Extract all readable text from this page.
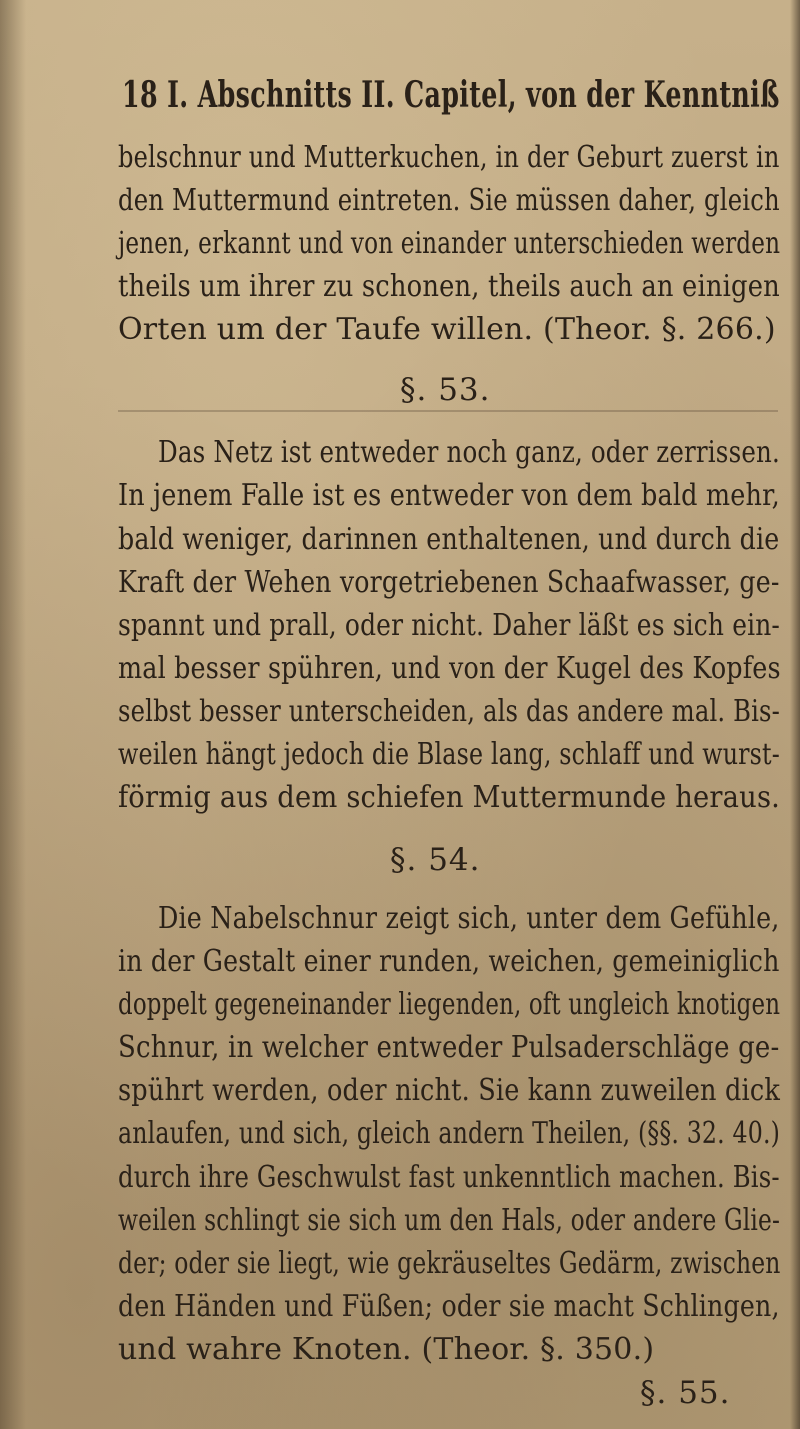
18 I. Abschnitts II. Capitel, von der Kenntniß
belschnur und Mutterkuchen, in der Geburt zuerst in
den Muttermund eintreten. Sie müssen daher, gleich
jenen, erkannt und von einander unterschieden werden
theils um ihrer zu schonen, theils auch an einigen
Orten um der Taufe willen. (Theor. §. 266.)
§. 53.
Das Netz ist entweder noch ganz, oder zerrissen.
In jenem Falle ist es entweder von dem bald mehr,
bald weniger, darinnen enthaltenen, und durch die
Kraft der Wehen vorgetriebenen Schaafwasser, ge-
spannt und prall, oder nicht. Daher läßt es sich ein-
mal besser spühren, und von der Kugel des Kopfes
selbst besser unterscheiden, als das andere mal. Bis-
weilen hängt jedoch die Blase lang, schlaff und wurst-
förmig aus dem schiefen Muttermunde heraus.
§. 54.
Die Nabelschnur zeigt sich, unter dem Gefühle,
in der Gestalt einer runden, weichen, gemeiniglich
doppelt gegeneinander liegenden, oft ungleich knotigen
Schnur, in welcher entweder Pulsaderschläge ge-
spührt werden, oder nicht. Sie kann zuweilen dick
anlaufen, und sich, gleich andern Theilen, (§§. 32. 40.)
durch ihre Geschwulst fast unkenntlich machen. Bis-
weilen schlingt sie sich um den Hals, oder andere Glie-
der; oder sie liegt, wie gekräuseltes Gedärm, zwischen
den Händen und Füßen; oder sie macht Schlingen,
und wahre Knoten. (Theor. §. 350.)
§. 55.
